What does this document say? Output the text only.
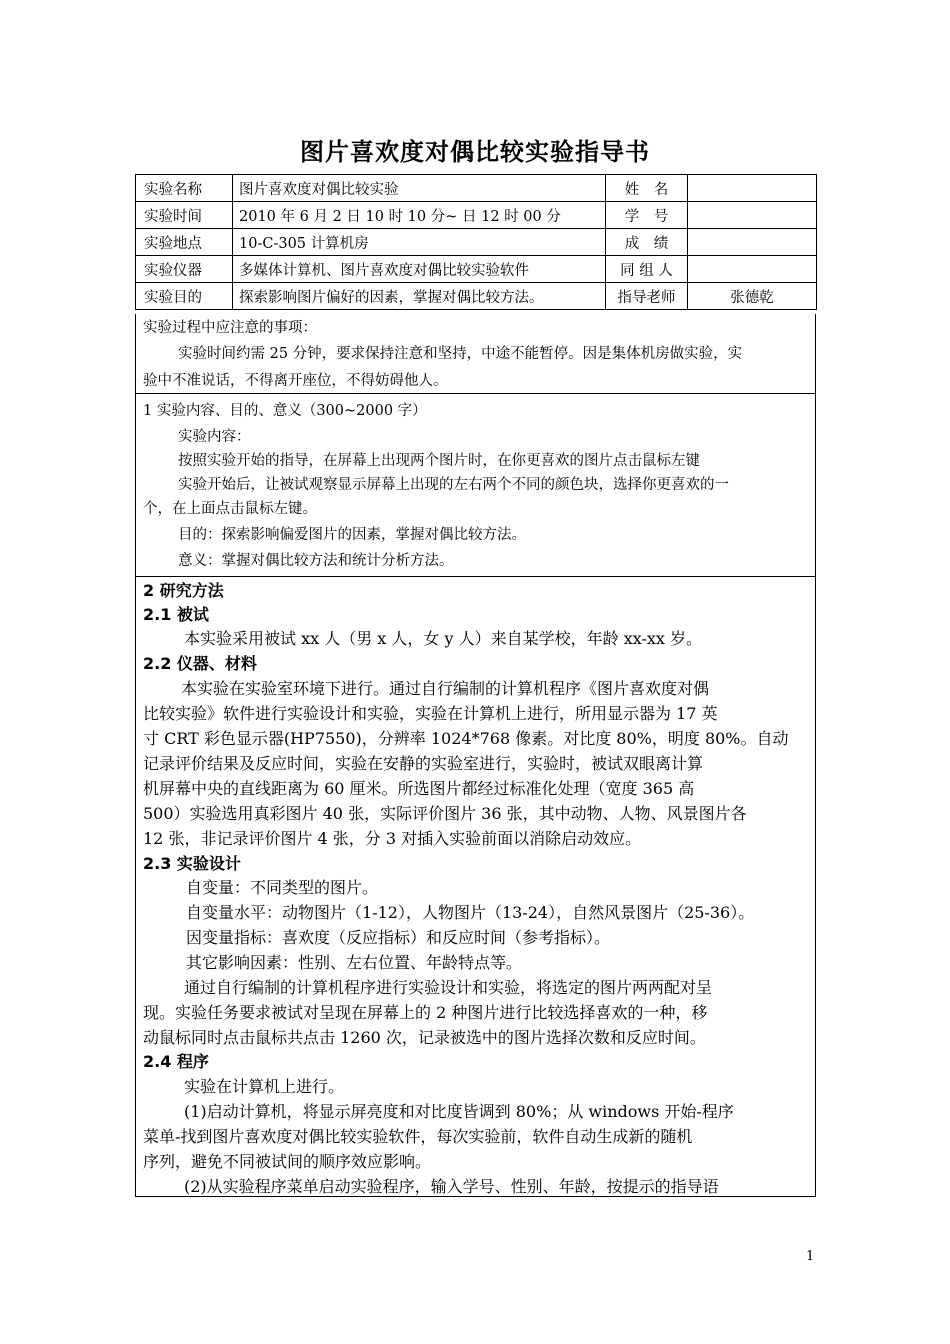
图片喜欢度对偶比较实验指导书
实验名称	图片喜欢度对偶比较实验	姓　名	
实验时间	2010 年 6 月 2 日 10 时 10 分~ 日 12 时 00 分	学　号	
实验地点	10-C-305 计算机房	成　绩	
实验仪器	多媒体计算机、图片喜欢度对偶比较实验软件	同 组 人	
实验目的	探索影响图片偏好的因素，掌握对偶比较方法。	指导老师	张德乾
实验过程中应注意的事项：
实验时间约需 25 分钟，要求保持注意和坚持，中途不能暂停。因是集体机房做实验，实
验中不准说话，不得离开座位，不得妨碍他人。
1 实验内容、目的、意义（300~2000 字）
实验内容：
按照实验开始的指导，在屏幕上出现两个图片时，在你更喜欢的图片点击鼠标左键
实验开始后，让被试观察显示屏幕上出现的左右两个不同的颜色块，选择你更喜欢的一
个，在上面点击鼠标左键。
目的：探索影响偏爱图片的因素，掌握对偶比较方法。
意义：掌握对偶比较方法和统计分析方法。
2 研究方法
2.1 被试
本实验采用被试 xx 人（男 x 人，女 y 人）来自某学校，年龄 xx-xx 岁。
2.2 仪器、材料
本实验在实验室环境下进行。通过自行编制的计算机程序《图片喜欢度对偶
比较实验》软件进行实验设计和实验，实验在计算机上进行，所用显示器为 17 英
寸 CRT 彩色显示器(HP7550)，分辨率 1024*768 像素。对比度 80%，明度 80%。自动
记录评价结果及反应时间，实验在安静的实验室进行，实验时，被试双眼离计算
机屏幕中央的直线距离为 60 厘米。所选图片都经过标准化处理（宽度 365 高
500）实验选用真彩图片 40 张，实际评价图片 36 张，其中动物、人物、风景图片各
12 张，非记录评价图片 4 张，分 3 对插入实验前面以消除启动效应。
2.3 实验设计
自变量：不同类型的图片。
自变量水平：动物图片（1-12），人物图片（13-24），自然风景图片（25-36）。
因变量指标：喜欢度（反应指标）和反应时间（参考指标）。
其它影响因素：性别、左右位置、年龄特点等。
通过自行编制的计算机程序进行实验设计和实验，将选定的图片两两配对呈
现。实验任务要求被试对呈现在屏幕上的 2 种图片进行比较选择喜欢的一种，移
动鼠标同时点击鼠标共点击 1260 次，记录被选中的图片选择次数和反应时间。
2.4 程序
实验在计算机上进行。
(1)启动计算机，将显示屏亮度和对比度皆调到 80%；从 windows 开始-程序
菜单-找到图片喜欢度对偶比较实验软件，每次实验前，软件自动生成新的随机
序列，避免不同被试间的顺序效应影响。
(2)从实验程序菜单启动实验程序，输入学号、性别、年龄，按提示的指导语
1
